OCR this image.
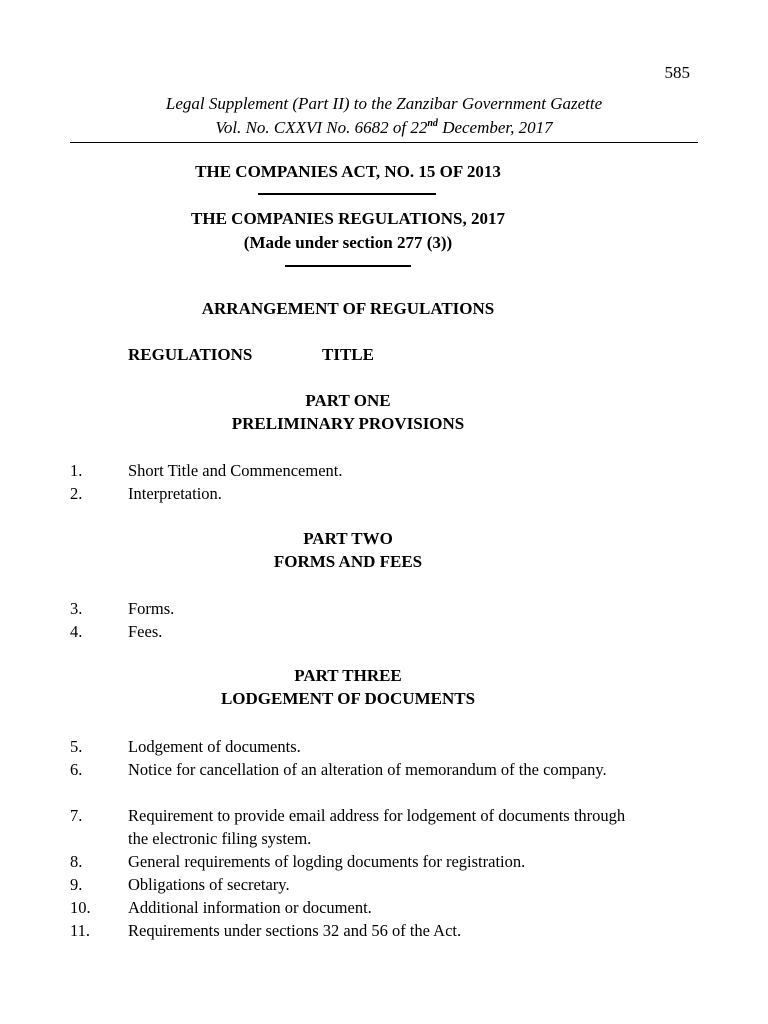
585
Legal Supplement (Part II) to the Zanzibar Government Gazette
Vol. No. CXXVI No. 6682 of 22nd December, 2017
THE COMPANIES ACT, NO. 15 OF 2013
THE COMPANIES REGULATIONS, 2017
(Made under section 277 (3))
ARRANGEMENT OF REGULATIONS
REGULATIONS	TITLE
PART ONE
PRELIMINARY PROVISIONS
1.	Short Title and Commencement.
2.	Interpretation.
PART TWO
FORMS AND FEES
3.	Forms.
4.	Fees.
PART THREE
LODGEMENT OF DOCUMENTS
5.	Lodgement of documents.
6.	Notice for cancellation of an alteration of memorandum of the company.
7.	Requirement to provide email address for lodgement of documents through the electronic filing system.
8.	General requirements of logding documents for registration.
9.	Obligations of secretary.
10.	Additional information or document.
11.	Requirements under sections 32 and 56 of the Act.
